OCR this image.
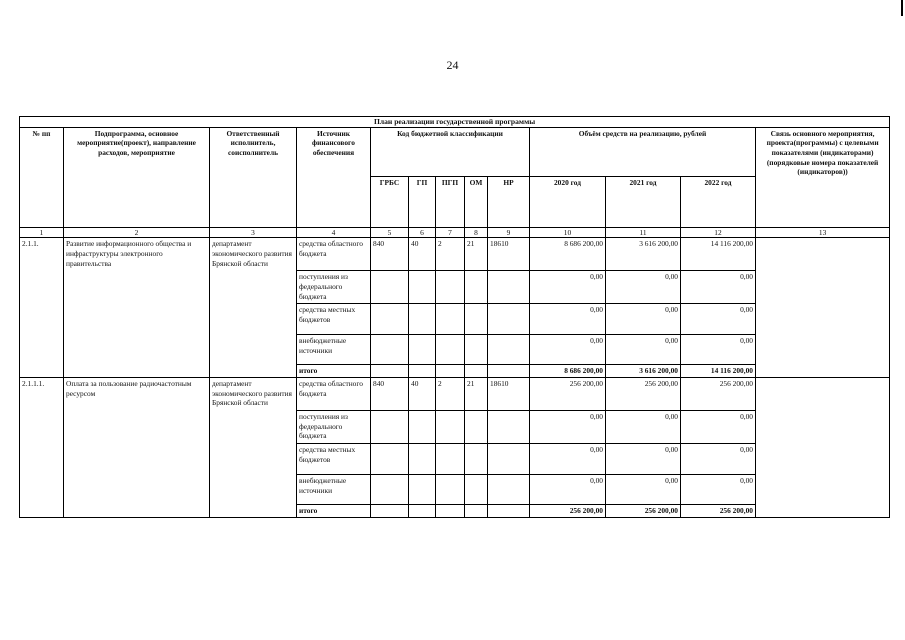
24
План реализации государственной программы												
№ пп	Подпрограмма, основное мероприятие(проект), направление расходов, мероприятие	Ответственный исполнитель, соисполнитель	Источник финансового обеспечения	Код бюджетной классификации					Объём средств на реализацию, рублей			Связь основного мероприятия, проекта(программы) с целевыми показателями (индикаторами) (порядковые номера показателей (индикаторов))
				ГРБС	ГП	ПГП	ОМ	НР	2020 год	2021 год	2022 год	
1	2	3	4	5	6	7	8	9	10	11	12	13
2.1.1.	Развитие информационного общества и инфраструктуры электронного правительства	департамент экономического развития Брянской области	средства областного бюджета	840	40	2	21	18610	8 686 200,00	3 616 200,00	14 116 200,00	
			поступления из федерального бюджета						0,00	0,00	0,00	
			средства местных бюджетов						0,00	0,00	0,00	
			внебюджетные источники						0,00	0,00	0,00	
			итого						8 686 200,00	3 616 200,00	14 116 200,00	
2.1.1.1.	Оплата за пользование радиочастотным ресурсом	департамент экономического развития Брянской области	средства областного бюджета	840	40	2	21	18610	256 200,00	256 200,00	256 200,00	
			поступления из федерального бюджета						0,00	0,00	0,00	
			средства местных бюджетов						0,00	0,00	0,00	
			внебюджетные источники						0,00	0,00	0,00	
			итого						256 200,00	256 200,00	256 200,00	
